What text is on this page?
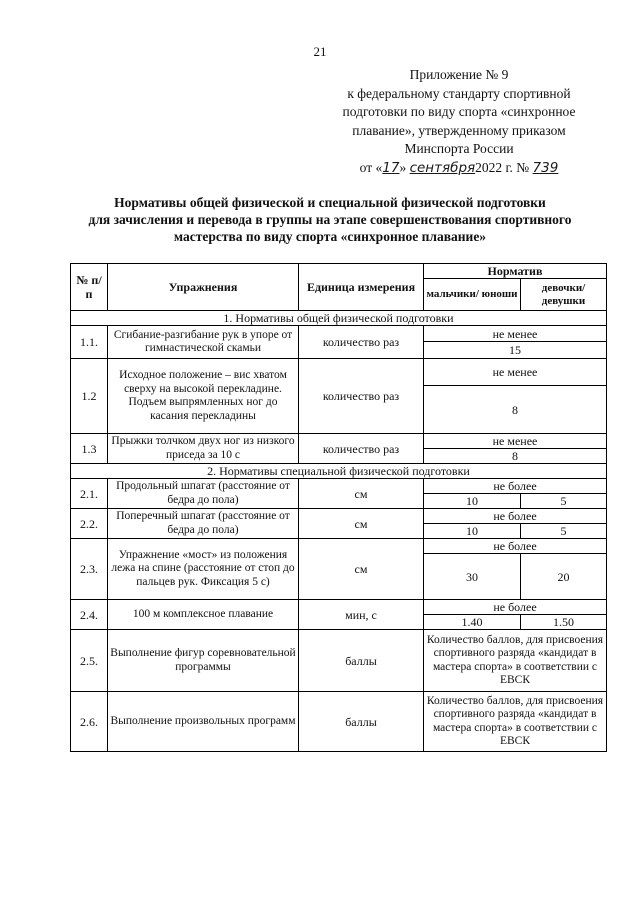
21
Приложение № 9
к федеральному стандарту спортивной
подготовки по виду спорта «синхронное
плавание», утвержденному приказом
Минспорта России
от «17» сентября2022 г. № 739
Нормативы общей физической и специальной физической подготовки
для зачисления и перевода в группы на этапе совершенствования спортивного
мастерства по виду спорта «синхронное плавание»
№ п/п	Упражнения	Единица измерения	Норматив	
			мальчики/ юноши	девочки/ девушки
1. Нормативы общей физической подготовки				
1.1.	Сгибание-разгибание рук в упоре от гимнастической скамьи	количество раз	не менее	
			15	
1.2	Исходное положение – вис хватом сверху на высокой перекладине. Подъем выпрямленных ног до касания перекладины	количество раз	не менее	
			8	
1.3	Прыжки толчком двух ног из низкого приседа за 10 с	количество раз	не менее	
			8	
2. Нормативы специальной физической подготовки				
2.1.	Продольный шпагат (расстояние от бедра до пола)	см	не более	
			10	5
2.2.	Поперечный шпагат (расстояние от бедра до пола)	см	не более	
			10	5
2.3.	Упражнение «мост» из положения лежа на спине (расстояние от стоп до пальцев рук. Фиксация 5 с)	см	не более	
			30	20
2.4.	100 м комплексное плавание	мин, с	не более	
			1.40	1.50
2.5.	Выполнение фигур соревновательной программы	баллы	Количество баллов, для присвоения спортивного разряда «кандидат в мастера спорта» в соответствии с ЕВСК	
2.6.	Выполнение произвольных программ	баллы	Количество баллов, для присвоения спортивного разряда «кандидат в мастера спорта» в соответствии с ЕВСК	
